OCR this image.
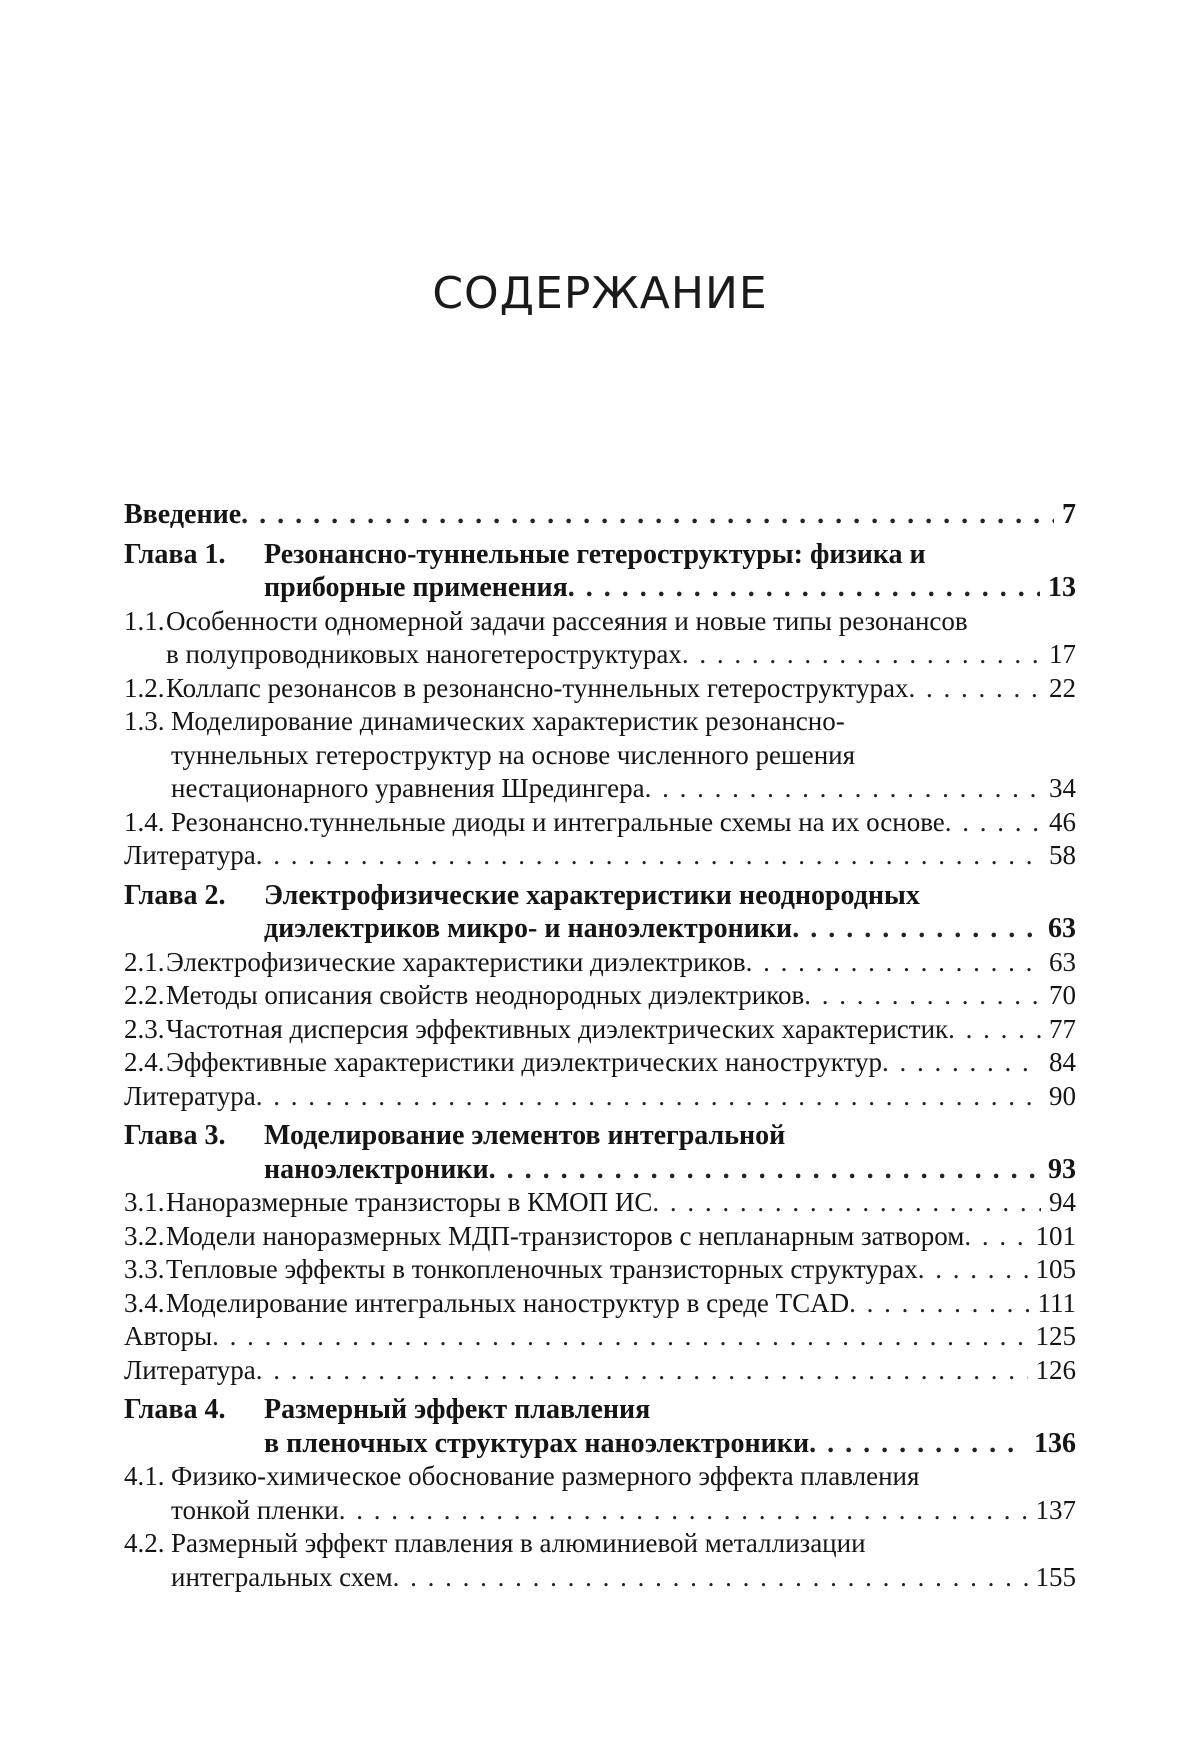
СОДЕРЖАНИЕ
Введение . . .	7
Глава 1. Резонансно-туннельные гетероструктуры: физика и
приборные применения . . .	13
1.1. Особенности одномерной задачи рассеяния и новые типы резонансов
в полупроводниковых наногетероструктурах . . .	17
1.2. Коллапс резонансов в резонансно-туннельных гетероструктурах . . .	22
1.3. Моделирование динамических характеристик резонансно-
туннельных гетероструктур на основе численного решения
нестационарного уравнения Шредингера . . .	34
1.4. Резонансно.туннельные диоды и интегральные схемы на их основе . . .	46
Литература . . .	58
Глава 2. Электрофизические характеристики неоднородных
диэлектриков микро- и наноэлектроники . . .	63
2.1. Электрофизические характеристики диэлектриков . . .	63
2.2. Методы описания свойств неоднородных диэлектриков . . .	70
2.3. Частотная дисперсия эффективных диэлектрических характеристик . . .	77
2.4. Эффективные характеристики диэлектрических наноструктур . . .	84
Литература . . .	90
Глава 3. Моделирование элементов интегральной
наноэлектроники . . .	93
3.1. Наноразмерные транзисторы в КМОП ИС . . .	94
3.2. Модели наноразмерных МДП-транзисторов с непланарным затвором . . .	101
3.3. Тепловые эффекты в тонкопленочных транзисторных структурах . . .	105
3.4. Моделирование интегральных наноструктур в среде TCAD . . .	111
Авторы . . .	125
Литература . . .	126
Глава 4. Размерный эффект плавления
в пленочных структурах наноэлектроники . . .	136
4.1. Физико-химическое обоснование размерного эффекта плавления
тонкой пленки . . .	137
4.2. Размерный эффект плавления в алюминиевой металлизации
интегральных схем . . .	155
